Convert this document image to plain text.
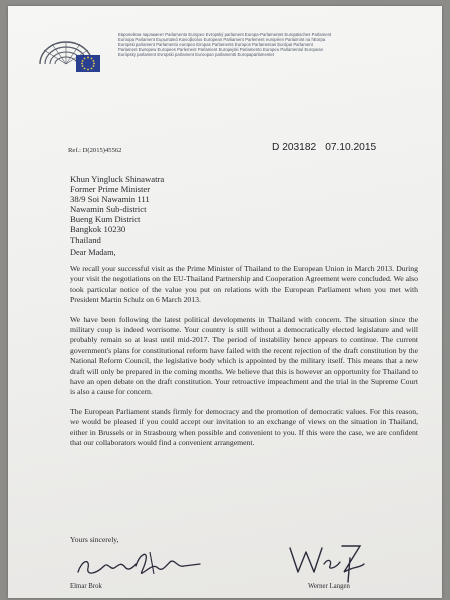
Европейски парламент Parlamento Europeo Evropský parlament Europa-Parlamentet Europäisches Parlament
Euroopa Parlament Ευρωπαϊκό Κοινοβούλιο European Parliament Parlement européen Parlaimint na hEorpa
Europski parlament Parlamento europeo Eiropas Parlaments Europos Parlamentas Európai Parlament
Parlament Ewropew Europees Parlement Parlament Europejski Parlamento Europeu Parlamentul European
Európsky parlament Evropski parlament Euroopan parlamentti Europaparlamentet
Ref.: D(2015)45562	D 203182 07.10.2015
Khun Yingluck Shinawatra
Former Prime Minister
38/9 Soi Nawamin 111
Nawamin Sub-district
Bueng Kum District
Bangkok 10230
Thailand
Dear Madam,

We recall your successful visit as the Prime Minister of Thailand to the European Union in March 2013. During your visit the negotiations on the EU-Thailand Partnership and Cooperation Agreement were concluded. We also took particular notice of the value you put on relations with the European Parliament when you met with President Martin Schulz on 6 March 2013.

We have been following the latest political developments in Thailand with concern. The situation since the military coup is indeed worrisome. Your country is still without a democratically elected legislature and will probably remain so at least until mid-2017. The period of instability hence appears to continue. The current government's plans for constitutional reform have failed with the recent rejection of the draft constitution by the National Reform Council, the legislative body which is appointed by the military itself. This means that a new draft will only be prepared in the coming months. We believe that this is however an opportunity for Thailand to have an open debate on the draft constitution. Your retroactive impeachment and the trial in the Supreme Court is also a cause for concern.

The European Parliament stands firmly for democracy and the promotion of democratic values. For this reason, we would be pleased if you could accept our invitation to an exchange of views on the situation in Thailand, either in Brussels or in Strasbourg when possible and convenient to you. If this were the case, we are confident that our collaborators would find a convenient arrangement.

Yours sincerely,
Elmar Brok	Werner Langen
